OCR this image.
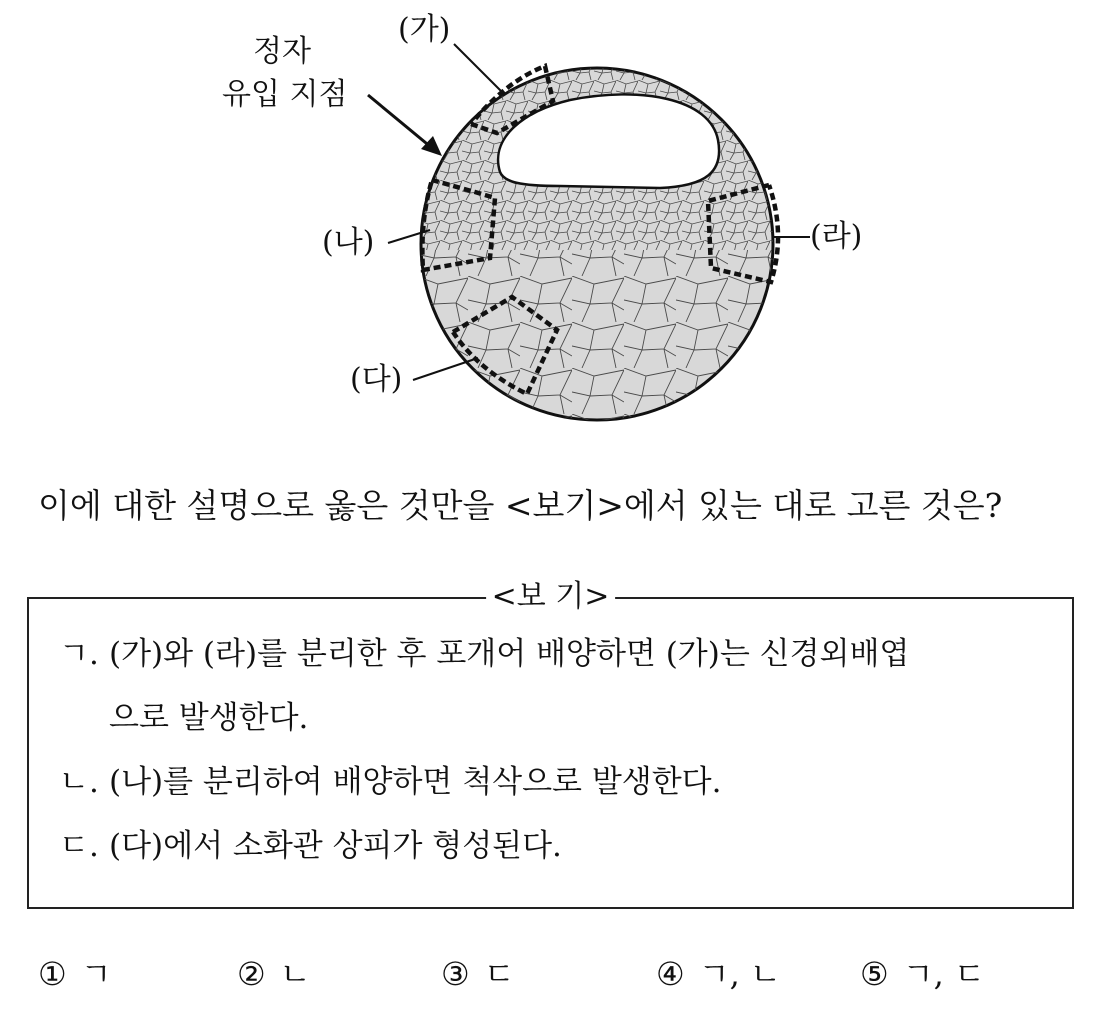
정자
유입 지점
(가)
(나)
(다)
(라)
이에 대한 설명으로 옳은 것만을 <보기>에서 있는 대로 고른 것은?
<보 기>
ㄱ. (가)와 (라)를 분리한 후 포개어 배양하면 (가)는 신경외배엽
으로 발생한다.
ㄴ. (나)를 분리하여 배양하면 척삭으로 발생한다.
ㄷ. (다)에서 소화관 상피가 형성된다.
① ㄱ	② ㄴ	③ ㄷ	④ ㄱ, ㄴ ⑤ ㄱ, ㄷ
